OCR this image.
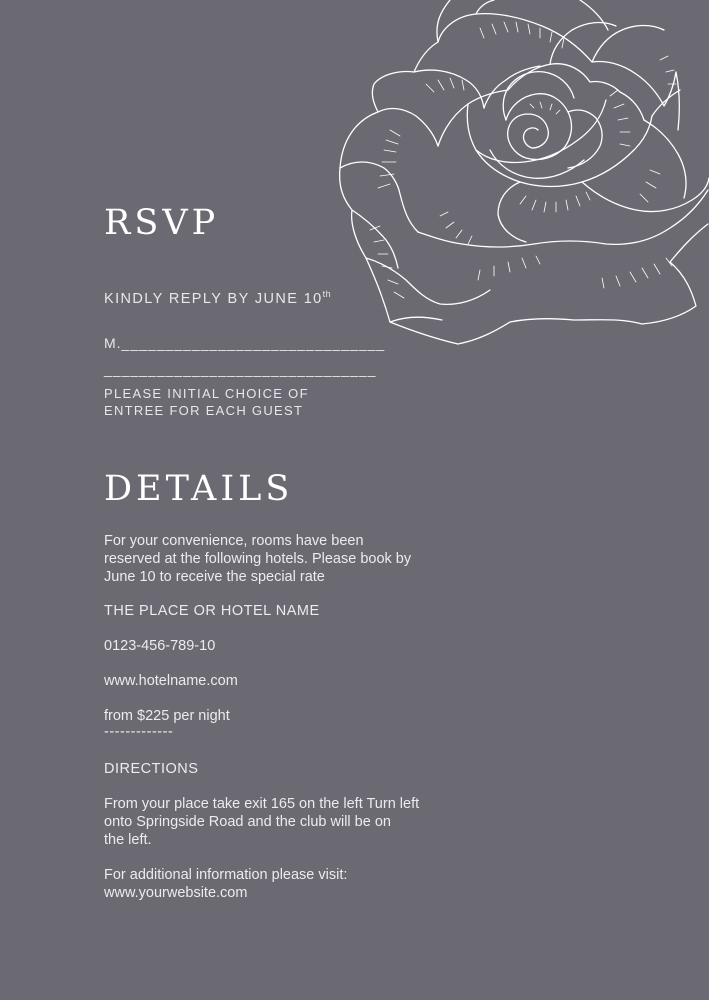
RSVP
KINDLY REPLY BY JUNE 10th
M.______________________________
_______________________________
PLEASE INITIAL CHOICE OF
ENTREE FOR EACH GUEST
DETAILS
For your convenience, rooms have been
reserved at the following hotels. Please book by
June 10 to receive the special rate
THE PLACE OR HOTEL NAME
0123-456-789-10
www.hotelname.com
from $225 per night
-------------
DIRECTIONS
From your place take exit 165 on the left Turn left
onto Springside Road and the club will be on
the left.
For additional information please visit:
www.yourwebsite.com
